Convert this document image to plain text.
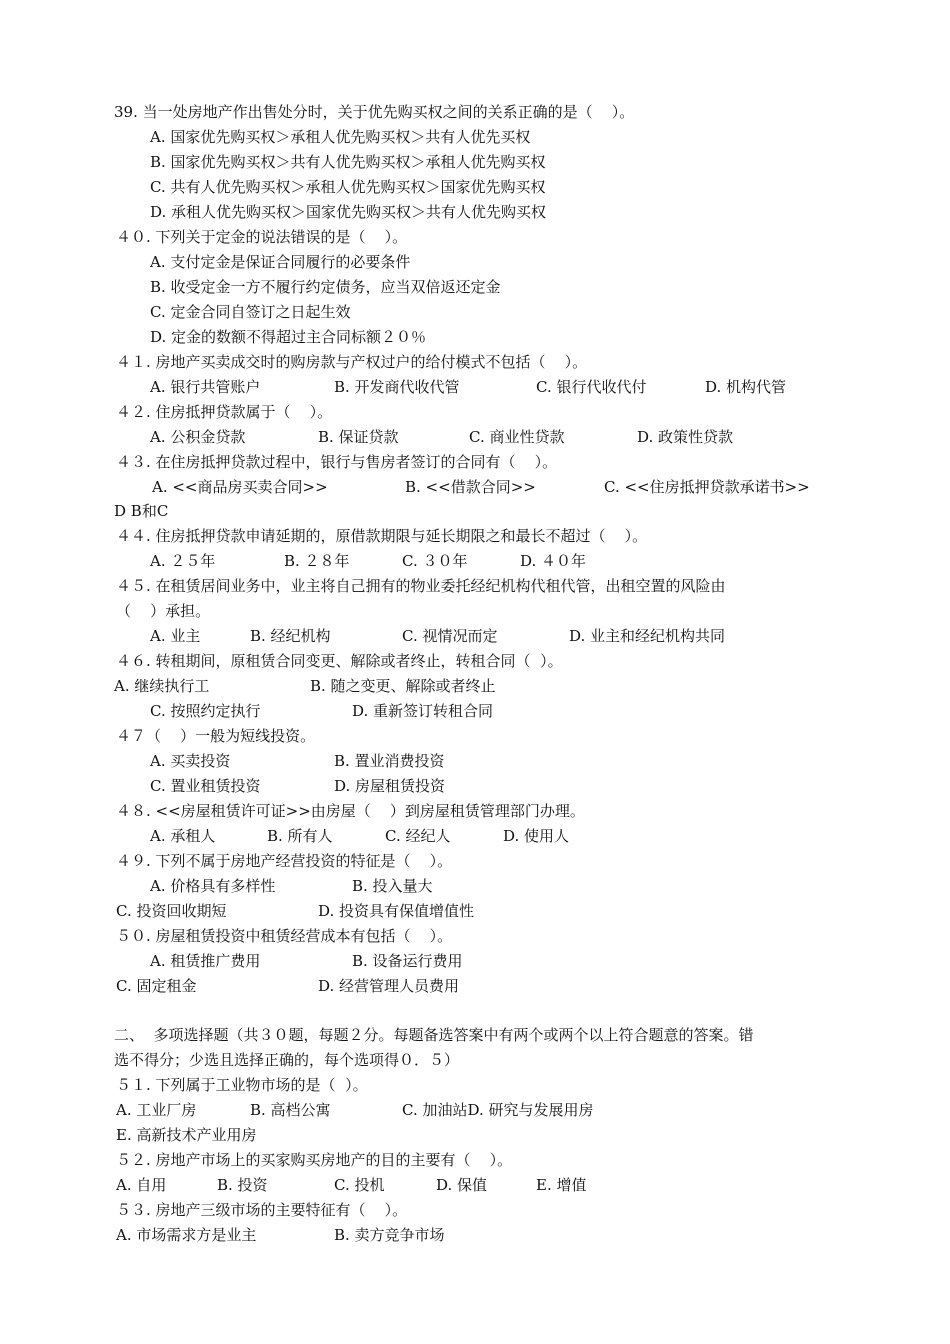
39. 当一处房地产作出售处分时，关于优先购买权之间的关系正确的是（    ）。
A. 国家优先购买权＞承租人优先购买权＞共有人优先买权
B. 国家优先购买权＞共有人优先购买权＞承租人优先购买权
C. 共有人优先购买权＞承租人优先购买权＞国家优先购买权
D. 承租人优先购买权＞国家优先购买权＞共有人优先购买权
４０. 下列关于定金的说法错误的是（    ）。
A. 支付定金是保证合同履行的必要条件
B. 收受定金一方不履行约定债务，应当双倍返还定金
C. 定金合同自签订之日起生效
D. 定金的数额不得超过主合同标额２０％
４１. 房地产买卖成交时的购房款与产权过户的给付模式不包括（    ）。
A. 银行共管账户	B. 开发商代收代管	C. 银行代收代付	D. 机构代管
４２. 住房抵押贷款属于（    ）。
A. 公积金贷款	B. 保证贷款	C. 商业性贷款	D. 政策性贷款
４３. 在住房抵押贷款过程中，银行与售房者签订的合同有（    ）。
A. <<商品房买卖合同>>	B. <<借款合同>>	C. <<住房抵押贷款承诺书>>
D B和C
４４. 住房抵押贷款申请延期的，原借款期限与延长期限之和最长不超过（    ）。
A. ２５年	B. ２８年	C. ３０年	D. ４０年
４５. 在租赁居间业务中，业主将自己拥有的物业委托经纪机构代租代管，出租空置的风险由
（    ）承担。
A. 业主	B. 经纪机构	C. 视情况而定	D. 业主和经纪机构共同
４６. 转租期间，原租赁合同变更、解除或者终止，转租合同（  ）。
A. 继续执行工	B. 随之变更、解除或者终止
C. 按照约定执行	D. 重新签订转租合同
４７（    ）一般为短线投资。
A. 买卖投资	B. 置业消费投资
C. 置业租赁投资	D. 房屋租赁投资
４８. <<房屋租赁许可证>>由房屋（    ）到房屋租赁管理部门办理。
A. 承租人	B. 所有人	C. 经纪人	D. 使用人
４９. 下列不属于房地产经营投资的特征是（    ）。
A. 价格具有多样性	B. 投入量大
C. 投资回收期短	D. 投资具有保值增值性
５０. 房屋租赁投资中租赁经营成本有包括（    ）。
A. 租赁推广费用	B. 设备运行费用
C. 固定租金	D. 经营管理人员费用
二、  多项选择题（共３０题，每题２分。每题备选答案中有两个或两个以上符合题意的答案。错
选不得分；少选且选择正确的，每个选项得０．５）
５１. 下列属于工业物市场的是（  ）。
A. 工业厂房	B. 高档公寓	C. 加油站D. 研究与发展用房
E. 高新技术产业用房
５２. 房地产市场上的买家购买房地产的目的主要有（    ）。
A. 自用	B. 投资	C. 投机	D. 保值	E. 增值
５３. 房地产三级市场的主要特征有（    ）。
A. 市场需求方是业主	B. 卖方竞争市场
